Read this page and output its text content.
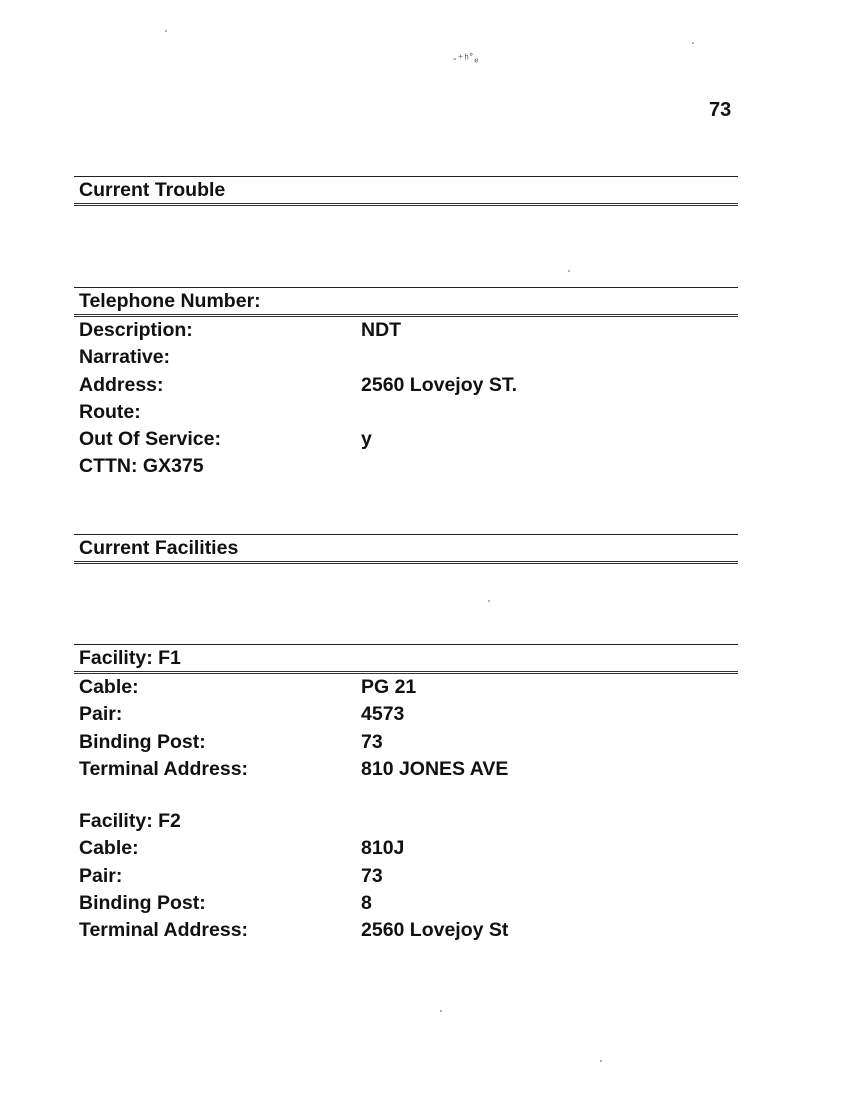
-⁺ʰ˚ₑ
73
Current Trouble
Telephone Number:
Description:	NDT
Narrative:
Address:	2560 Lovejoy ST.
Route:
Out Of Service:	y
CTTN: GX375
Current Facilities
Facility: F1
Cable:	PG 21
Pair:	4573
Binding Post:	73
Terminal Address:	810 JONES AVE
Facility: F2
Cable:	810J
Pair:	73
Binding Post:	8
Terminal Address:	2560 Lovejoy St
